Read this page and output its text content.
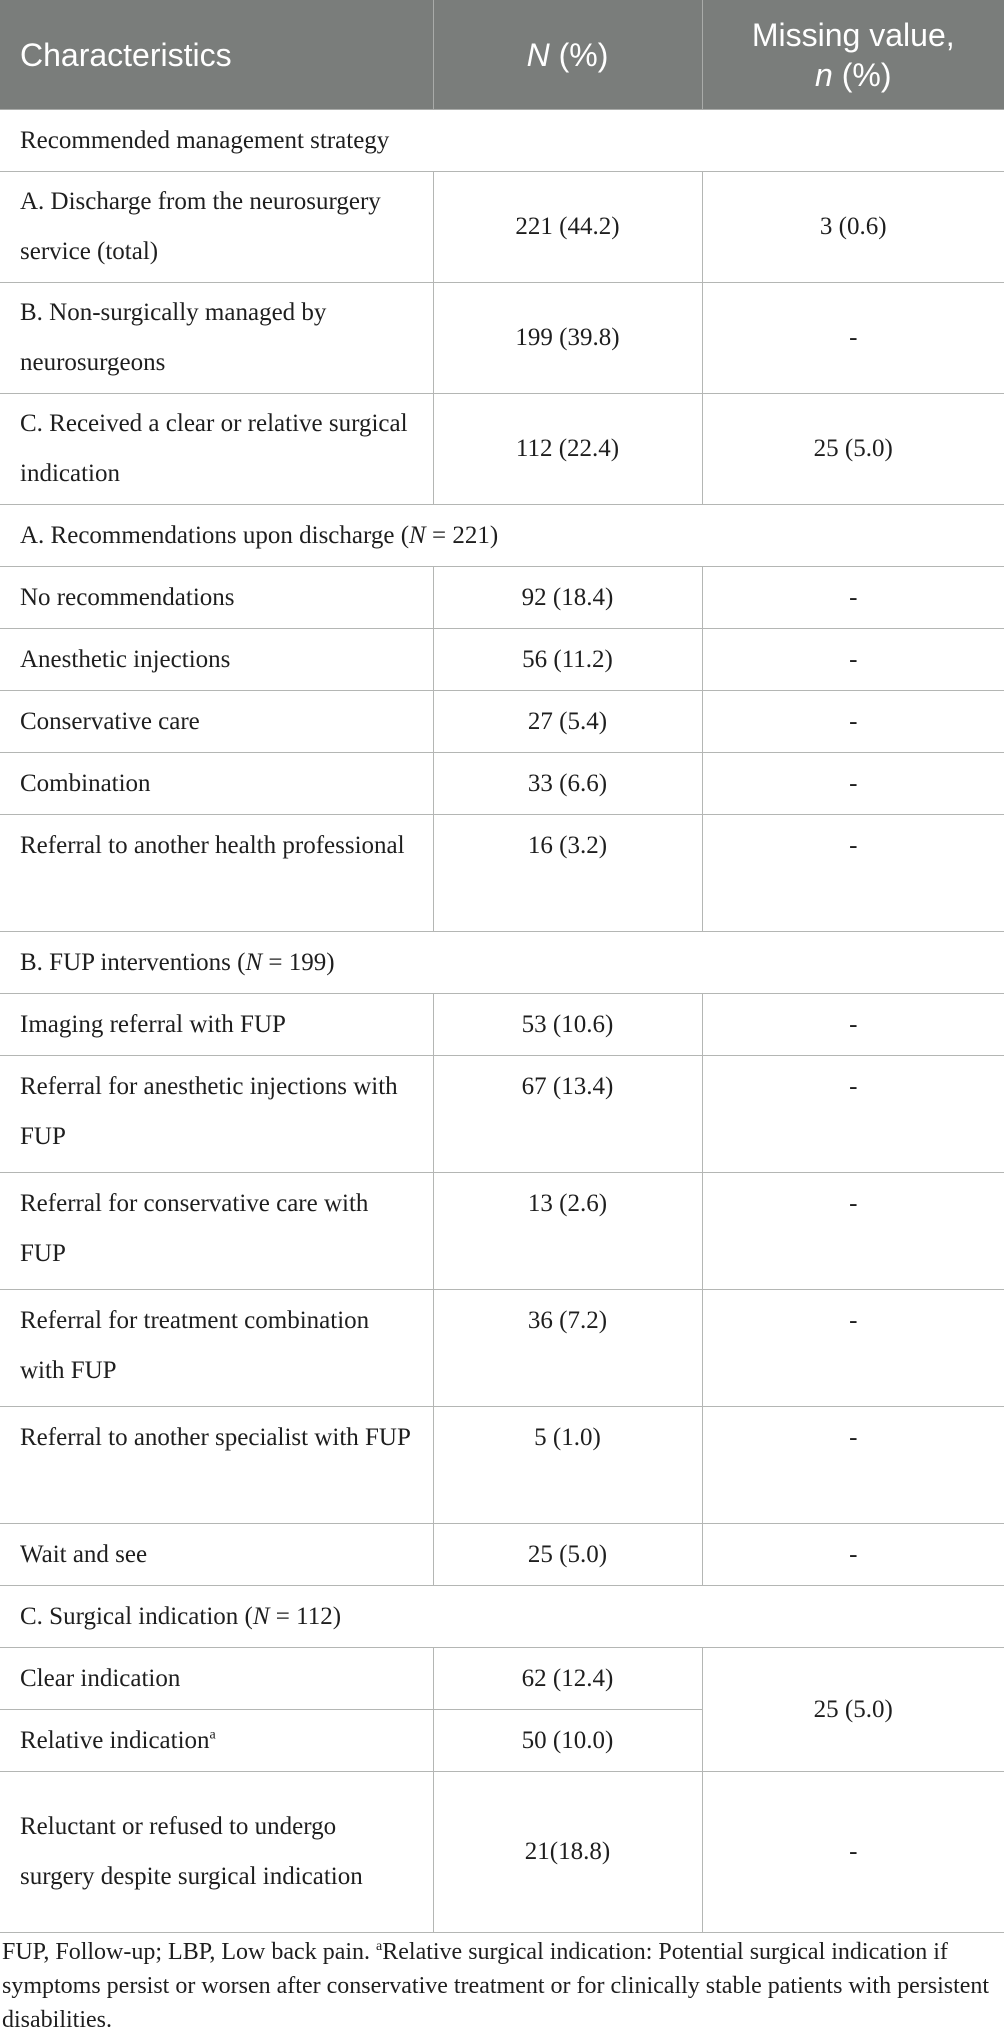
Characteristics	N (%)	Missing value,
n (%)
Recommended management strategy		
A. Discharge from the neurosurgery service (total)	221 (44.2)	3 (0.6)
B. Non-surgically managed by neurosurgeons	199 (39.8)	-
C. Received a clear or relative surgical indication	112 (22.4)	25 (5.0)
A. Recommendations upon discharge (N = 221)		
No recommendations	92 (18.4)	-
Anesthetic injections	56 (11.2)	-
Conservative care	27 (5.4)	-
Combination	33 (6.6)	-
Referral to another health professional	16 (3.2)	-
B. FUP interventions (N = 199)		
Imaging referral with FUP	53 (10.6)	-
Referral for anesthetic injections with FUP	67 (13.4)	-
Referral for conservative care with FUP	13 (2.6)	-
Referral for treatment combination with FUP	36 (7.2)	-
Referral to another specialist with FUP	5 (1.0)	-
Wait and see	25 (5.0)	-
C. Surgical indication (N = 112)		
Clear indication	62 (12.4)	25 (5.0)
Relative indication$^a$	50 (10.0)	
Reluctant or refused to undergo surgery despite surgical indication	21(18.8)	-
FUP, Follow-up; LBP, Low back pain. $^a$Relative surgical indication: Potential surgical indication if symptoms persist or worsen after conservative treatment or for clinically stable patients with persistent disabilities.
